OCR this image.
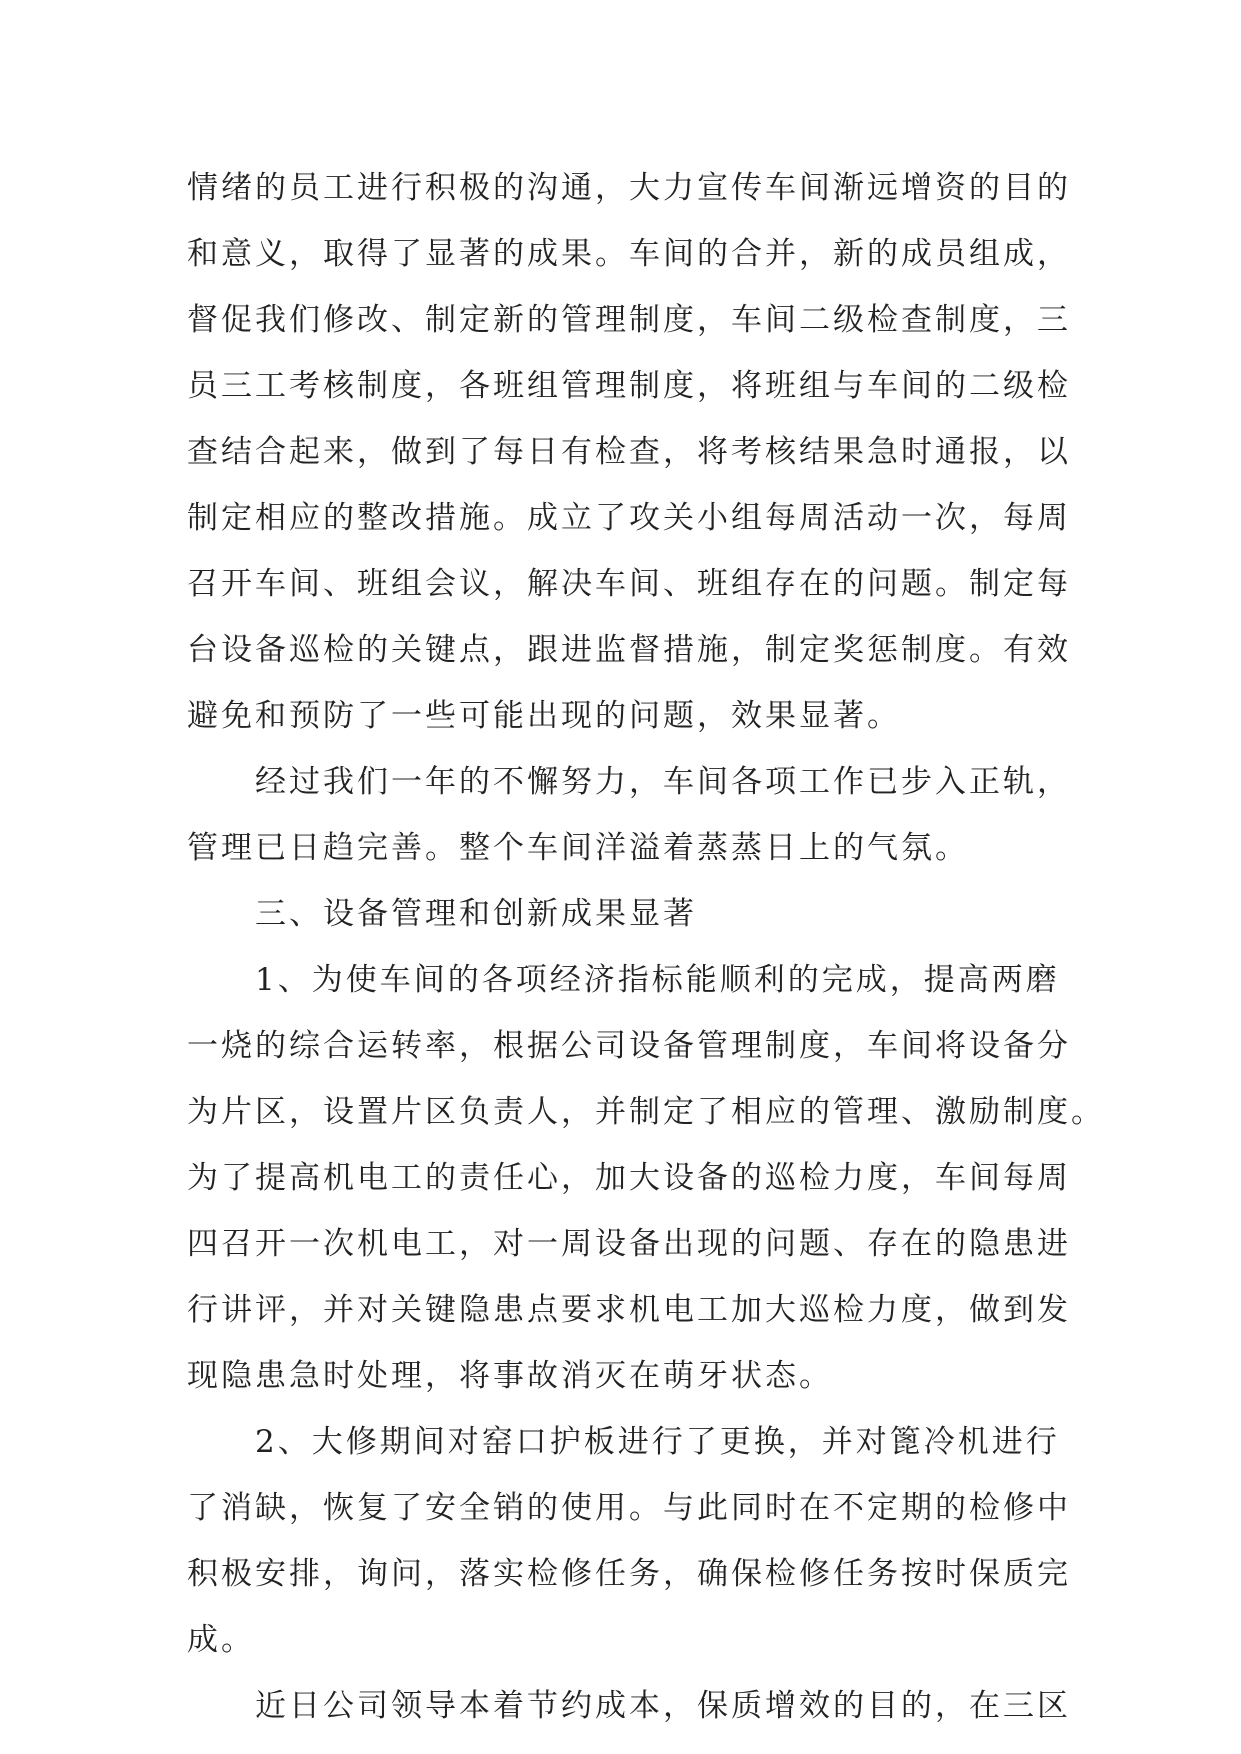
情绪的员工进行积极的沟通，大力宣传车间渐远增资的目的
和意义，取得了显著的成果。车间的合并，新的成员组成，
督促我们修改、制定新的管理制度，车间二级检查制度，三
员三工考核制度，各班组管理制度，将班组与车间的二级检
查结合起来，做到了每日有检查，将考核结果急时通报，以
制定相应的整改措施。成立了攻关小组每周活动一次，每周
召开车间、班组会议，解决车间、班组存在的问题。制定每
台设备巡检的关键点，跟进监督措施，制定奖惩制度。有效
避免和预防了一些可能出现的问题，效果显著。
经过我们一年的不懈努力，车间各项工作已步入正轨，
管理已日趋完善。整个车间洋溢着蒸蒸日上的气氛。
三、设备管理和创新成果显著
1、为使车间的各项经济指标能顺利的完成，提高两磨
一烧的综合运转率，根据公司设备管理制度，车间将设备分
为片区，设置片区负责人，并制定了相应的管理、激励制度。
为了提高机电工的责任心，加大设备的巡检力度，车间每周
四召开一次机电工，对一周设备出现的问题、存在的隐患进
行讲评，并对关键隐患点要求机电工加大巡检力度，做到发
现隐患急时处理，将事故消灭在萌牙状态。
2、大修期间对窑口护板进行了更换，并对篦冷机进行
了消缺，恢复了安全销的使用。与此同时在不定期的检修中
积极安排，询问，落实检修任务，确保检修任务按时保质完
成。
近日公司领导本着节约成本，保质增效的目的，在三区
